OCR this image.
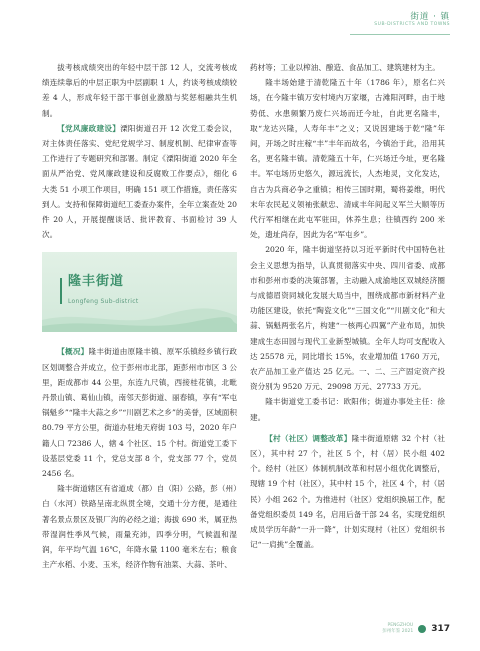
街道 · 镇
SUB-DISTRICTS AND TOWNS

拔考核成绩突出的年轻中层干部 12 人，交流考核成绩连续靠后的中层正职为中层副职 1 人，约谈考核成绩较差 4 人，形成年轻干部干事创业激励与奖惩相融共生机制。

【党风廉政建设】溧阳街道召开 12 次党工委会议，对主体责任落实、党纪党规学习、制度机制、纪律审查等工作进行了专题研究和部署。制定《溧阳街道 2020 年全面从严治党、党风廉政建设和反腐败工作要点》，细化 6 大类 51 小项工作项目，明确 151 项工作措施，责任落实到人。支持和保障街道纪工委查办案件，全年立案查处 20 件 20 人，开展提醒谈话、批评教育、书面检讨 39 人次。

隆丰街道
Longfeng Sub-district

【概况】隆丰街道由原隆丰镇、原军乐镇经乡镇行政区划调整合并成立，位于彭州市北部，距彭州市市区 3 公里，距成都市 44 公里，东连九尺镇，西接桂花镇，北毗丹景山镇、葛仙山镇，南邻天彭街道、丽春镇，享有“军屯锅魁乡”“隆丰大蒜之乡”“川剧艺术之乡”的美誉，区域面积 80.79 平方公里，街道办驻地天府街 103 号，2020 年户籍人口 72386 人，辖 4 个社区、15 个村。街道党工委下设基层党委 11 个，党总支部 8 个，党支部 77 个，党员 2456 名。

隆丰街道辖区有省道成（都）自（阳）公路，彭（州）白（水河）铁路呈南北纵贯全境，交通十分方便，是通往著名景点景区及银厂沟的必经之道；海拔 690 米，属亚热带湿润性季风气候，雨量充沛，四季分明，气候温和湿润，年平均气温 16℃，年降水量 1100 毫米左右；粮食主产水稻、小麦、玉米，经济作物有油菜、大蒜、茶叶、

药材等；工业以榨油、酿造、食品加工、建筑建材为主。

隆丰场始建于清乾隆五十年（1786 年），原名仁兴场，在今隆丰镇万安村境内万家堰，古滩阳河畔，由于地势低、水患频繁乃废仁兴场而迁今址，自此更名隆丰，取“龙达兴隆，人寿年丰”之义；又说因建场于乾“隆”年间，开场之时庄稼“丰”丰年而故名，今镇治于此，沿用其名，更名隆丰镇。清乾隆五十年，仁兴场迁今址，更名隆丰。军屯场历史悠久，源远流长，人杰地灵，文化发达，自古为兵商必争之重镇；相传三国时期，蜀将姜维，明代末年农民起义领袖张献忠、清咸丰年间起义军兰大顺等历代行军相继在此屯军驻田，休养生息；往镇西约 200 米处，遗址尚存，因此为名“军屯乡”。

2020 年，隆丰街道坚持以习近平新时代中国特色社会主义思想为指导，认真贯彻落实中央、四川省委、成都市和彭州市委的决策部署，主动融入成渝地区双城经济圈与成德眉资同城化发展大局当中，围绕成都市新材料产业功能区建设，依托“陶瓷文化”“三国文化”“川剧文化”和大蒜、锅魁两张名片，构建“一核两心四翼”产业布局，加快建成生态田园与现代工业新型城镇。全年人均可支配收入达 25578 元，同比增长 15%，农业增加值 1760 万元，农产品加工业产值达 25 亿元。一、二、三产固定资产投资分别为 9520 万元、29098 万元、27733 万元。

隆丰街道党工委书记：欧阳伟；街道办事处主任：徐建。

【村（社区）调整改革】隆丰街道原辖 32 个村（社区），其中村 27 个，社区 5 个，村（居）民小组 402 个。经村（社区）体制机制改革和村居小组优化调整后，现辖 19 个村（社区），其中村 15 个，社区 4 个，村（居民）小组 262 个。为推进村（社区）党组织换届工作，配备党组织委员 149 名，启用后备干部 24 名，实现党组织成员学历年龄“一升一降”，计划实现村（社区）党组织书记“一肩挑”全覆盖。

PENGZHOU
彭州年鉴 2021 317
